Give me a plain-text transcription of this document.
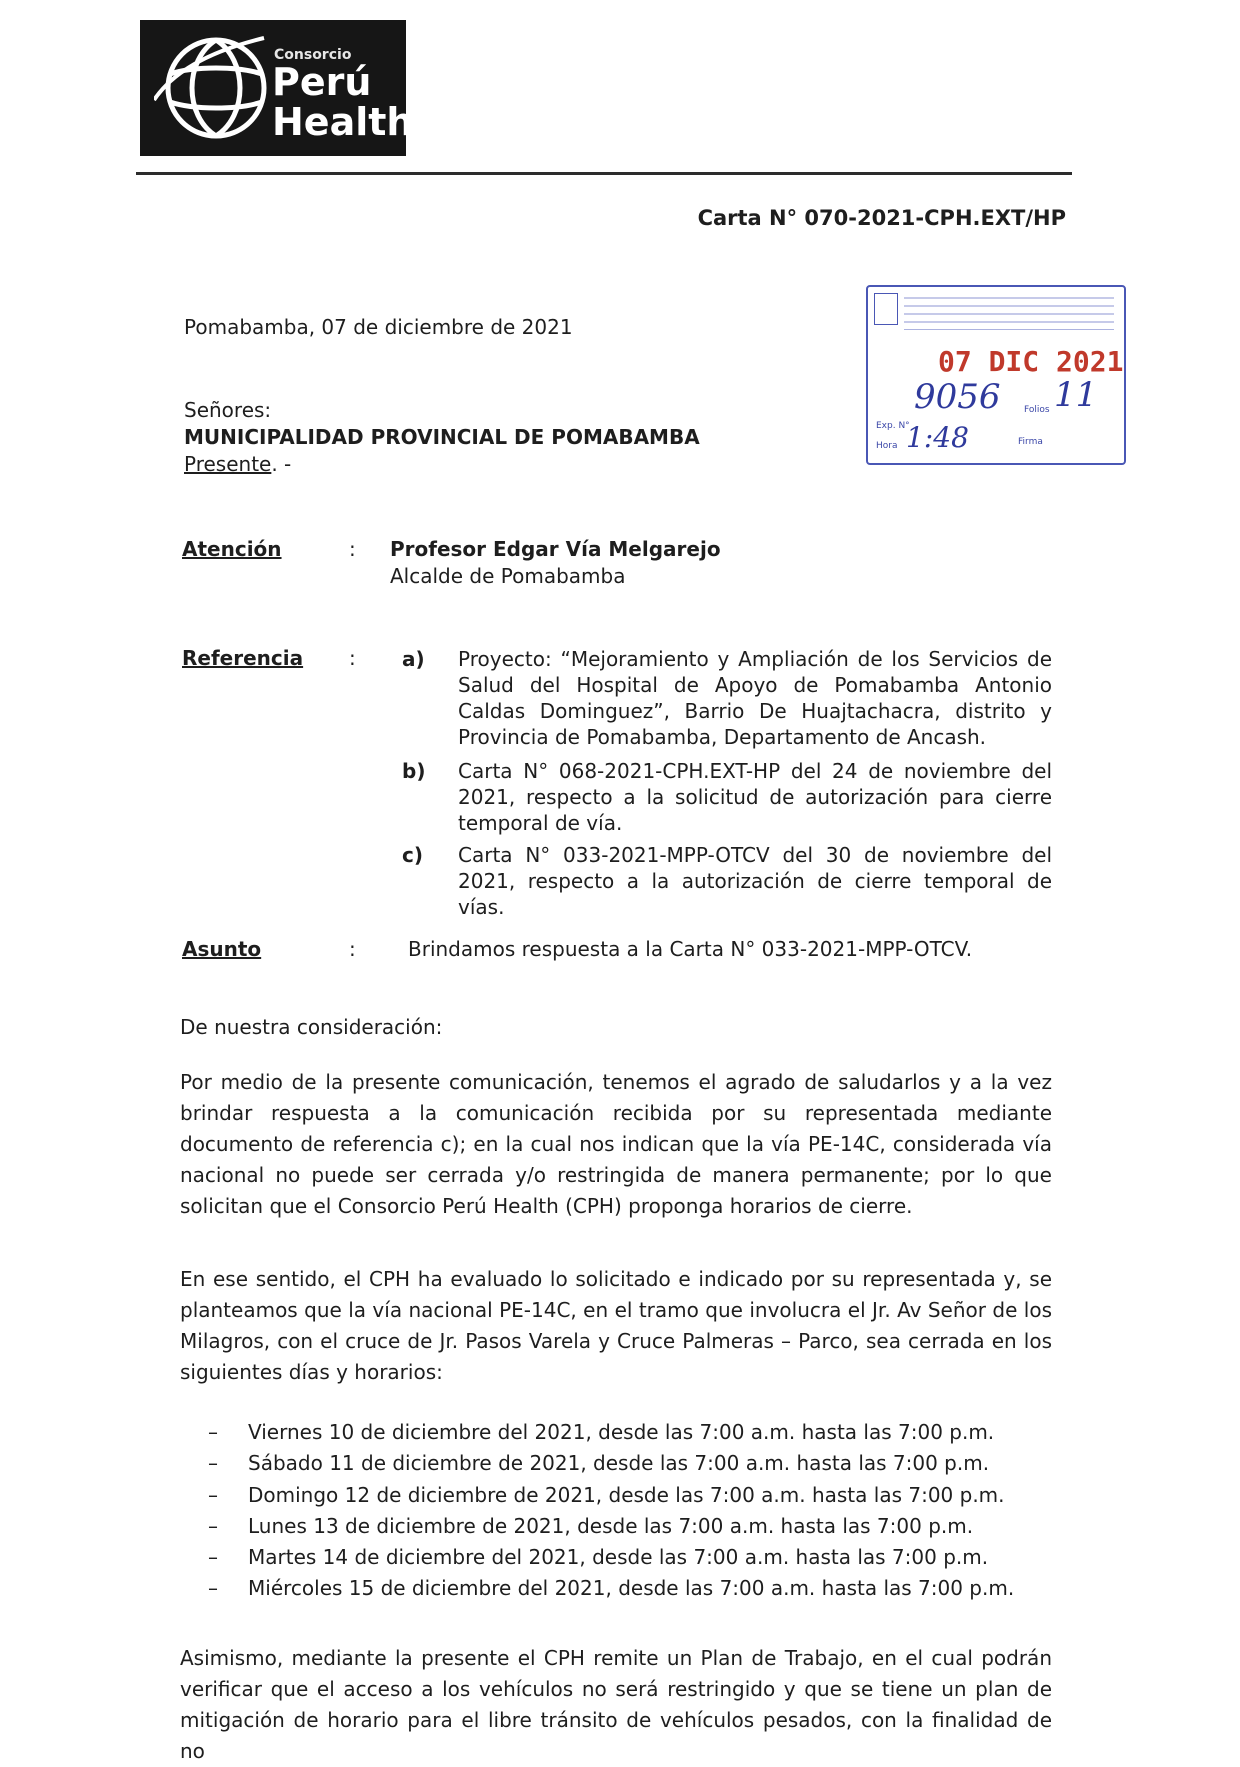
Consorcio
Perú
Health
Carta N° 070-2021-CPH.EXT/HP
Pomabamba, 07 de diciembre de 2021
07 DIC 2021
9056 11
1:48
Folios
Firma
Exp. N°
Hora
Señores:
MUNICIPALIDAD PROVINCIAL DE POMABAMBA
Presente. -
Atención	: Profesor Edgar Vía Melgarejo
Alcalde de Pomabamba
Referencia : a) Proyecto: “Mejoramiento y Ampliación de los Servicios de Salud del Hospital de Apoyo de Pomabamba Antonio Caldas Dominguez”, Barrio De Huajtachacra, distrito y Provincia de Pomabamba, Departamento de Ancash.
b) Carta N° 068-2021-CPH.EXT-HP del 24 de noviembre del 2021, respecto a la solicitud de autorización para cierre temporal de vía.
c) Carta N° 033-2021-MPP-OTCV del 30 de noviembre del 2021, respecto a la autorización de cierre temporal de vías.
Asunto	:	Brindamos respuesta a la Carta N° 033-2021-MPP-OTCV.
De nuestra consideración:
Por medio de la presente comunicación, tenemos el agrado de saludarlos y a la vez brindar respuesta a la comunicación recibida por su representada mediante documento de referencia c); en la cual nos indican que la vía PE-14C, considerada vía nacional no puede ser cerrada y/o restringida de manera permanente; por lo que solicitan que el Consorcio Perú Health (CPH) proponga horarios de cierre.
En ese sentido, el CPH ha evaluado lo solicitado e indicado por su representada y, se planteamos que la vía nacional PE-14C, en el tramo que involucra el Jr. Av Señor de los Milagros, con el cruce de Jr. Pasos Varela y Cruce Palmeras – Parco, sea cerrada en los siguientes días y horarios:
– Viernes 10 de diciembre del 2021, desde las 7:00 a.m. hasta las 7:00 p.m.
– Sábado 11 de diciembre de 2021, desde las 7:00 a.m. hasta las 7:00 p.m.
– Domingo 12 de diciembre de 2021, desde las 7:00 a.m. hasta las 7:00 p.m.
– Lunes 13 de diciembre de 2021, desde las 7:00 a.m. hasta las 7:00 p.m.
– Martes 14 de diciembre del 2021, desde las 7:00 a.m. hasta las 7:00 p.m.
– Miércoles 15 de diciembre del 2021, desde las 7:00 a.m. hasta las 7:00 p.m.
Asimismo, mediante la presente el CPH remite un Plan de Trabajo, en el cual podrán verificar que el acceso a los vehículos no será restringido y que se tiene un plan de mitigación de horario para el libre tránsito de vehículos pesados, con la finalidad de no
